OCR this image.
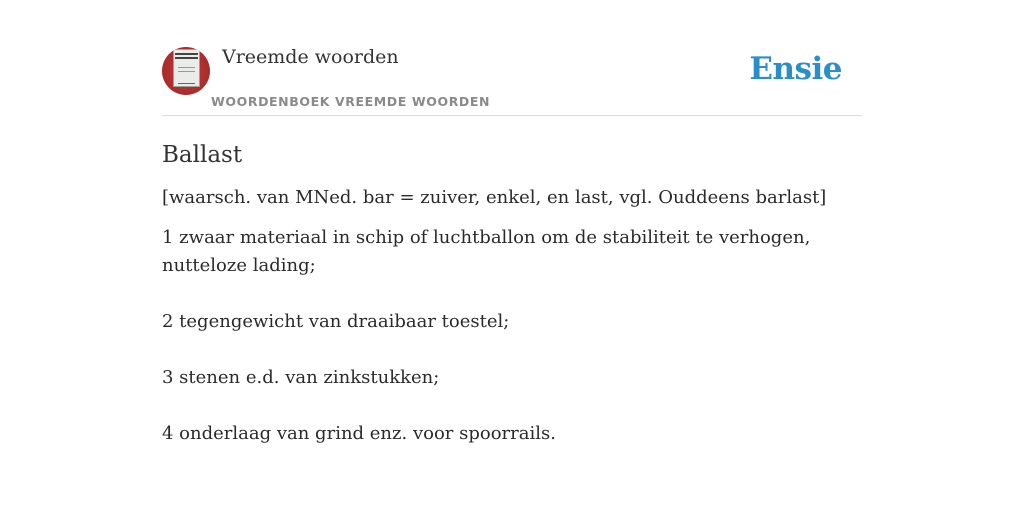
Vreemde woorden
WOORDENBOEK VREEMDE WOORDEN
Ensie
Ballast

[waarsch. van MNed. bar = zuiver, enkel, en last, vgl. Ouddeens barlast]

1 zwaar materiaal in schip of luchtballon om de stabiliteit te verhogen, nutteloze lading;
2 tegengewicht van draaibaar toestel;
3 stenen e.d. van zinkstukken;
4 onderlaag van grind enz. voor spoorrails.
